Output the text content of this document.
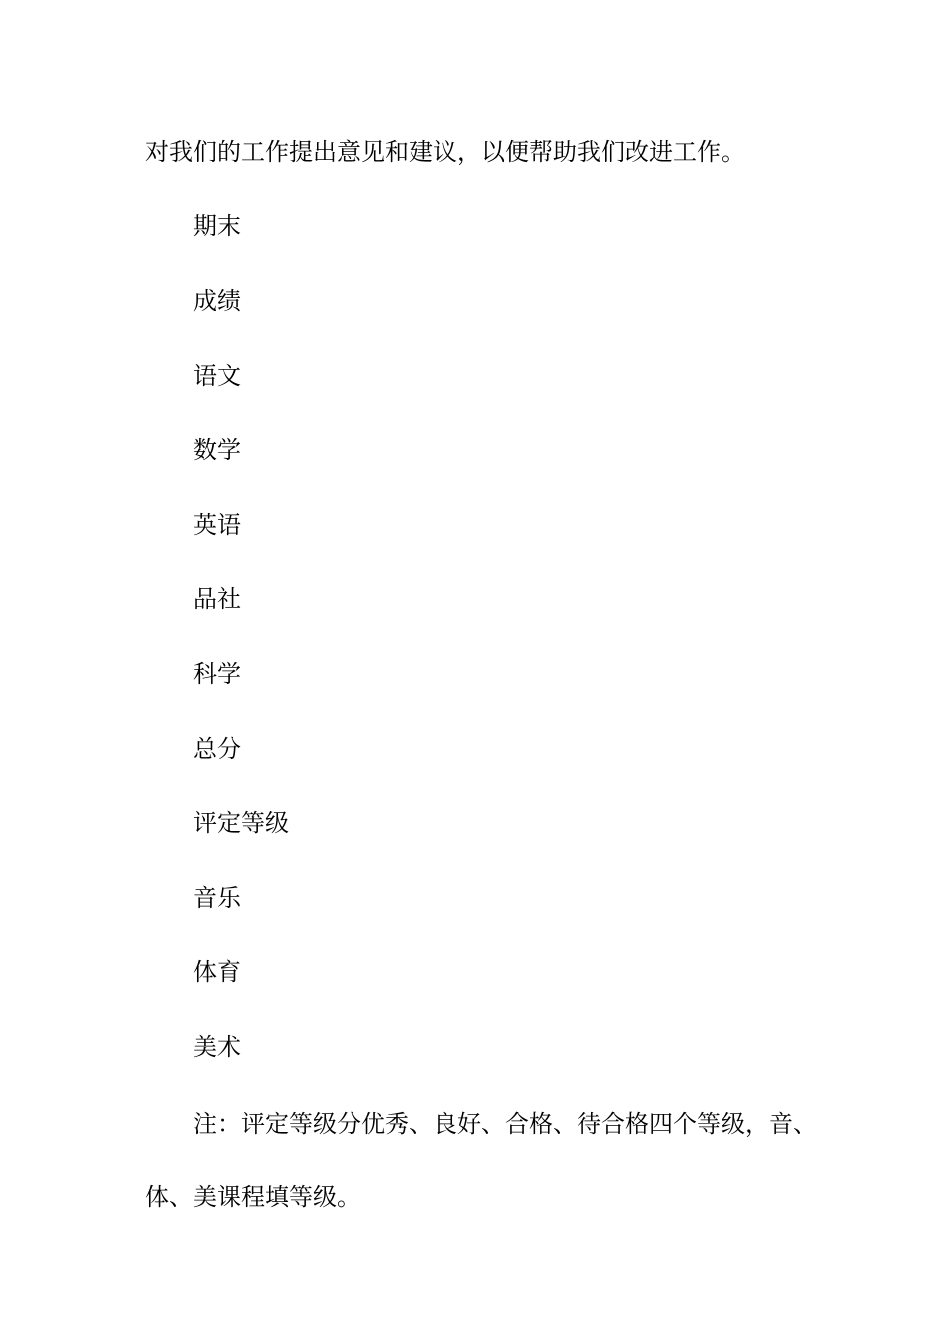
对我们的工作提出意见和建议，以便帮助我们改进工作。
期末
成绩
语文
数学
英语
品社
科学
总分
评定等级
音乐
体育
美术
注：评定等级分优秀、良好、合格、待合格四个等级，音、
体、美课程填等级。
